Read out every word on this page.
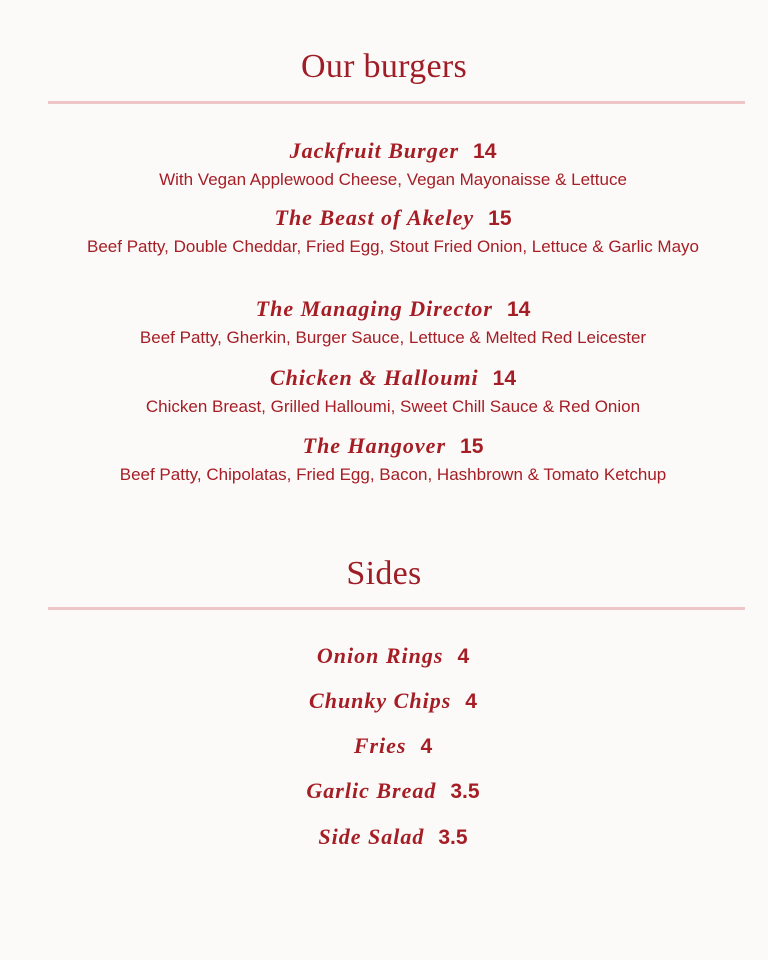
Our burgers
Jackfruit Burger 14
With Vegan Applewood Cheese, Vegan Mayonaisse & Lettuce
The Beast of Akeley 15
Beef Patty, Double Cheddar, Fried Egg, Stout Fried Onion, Lettuce & Garlic Mayo
The Managing Director 14
Beef Patty, Gherkin, Burger Sauce, Lettuce & Melted Red Leicester
Chicken & Halloumi 14
Chicken Breast, Grilled Halloumi, Sweet Chill Sauce & Red Onion
The Hangover 15
Beef Patty, Chipolatas, Fried Egg, Bacon, Hashbrown & Tomato Ketchup
Sides
Onion Rings 4
Chunky Chips 4
Fries 4
Garlic Bread 3.5
Side Salad 3.5
